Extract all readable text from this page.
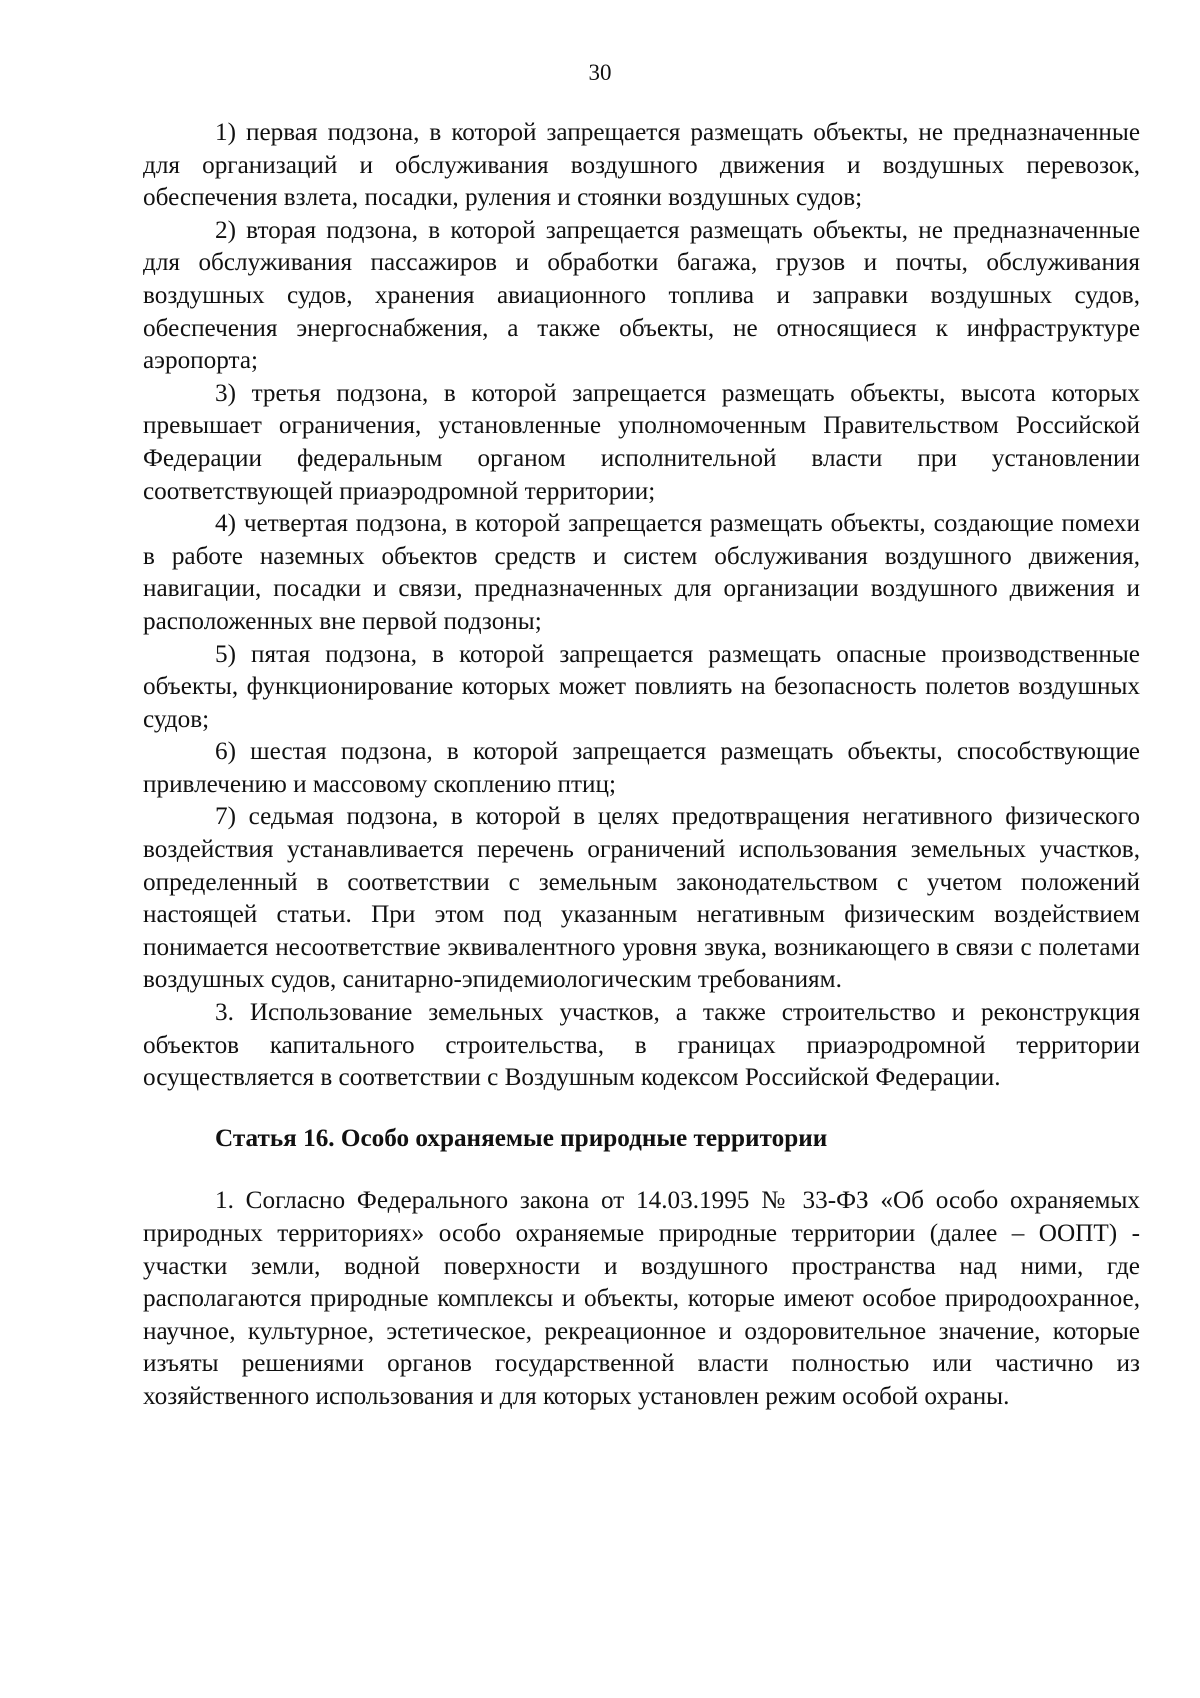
30

1) первая подзона, в которой запрещается размещать объекты, не предназначенные для организаций и обслуживания воздушного движения и воздушных перевозок, обеспечения взлета, посадки, руления и стоянки воздушных судов;

2) вторая подзона, в которой запрещается размещать объекты, не предназначенные для обслуживания пассажиров и обработки багажа, грузов и почты, обслуживания воздушных судов, хранения авиационного топлива и заправки воздушных судов, обеспечения энергоснабжения, а также объекты, не относящиеся к инфраструктуре аэропорта;

3) третья подзона, в которой запрещается размещать объекты, высота которых превышает ограничения, установленные уполномоченным Правительством Российской Федерации федеральным органом исполнительной власти при установлении соответствующей приаэродромной территории;

4) четвертая подзона, в которой запрещается размещать объекты, создающие помехи в работе наземных объектов средств и систем обслуживания воздушного движения, навигации, посадки и связи, предназначенных для организации воздушного движения и расположенных вне первой подзоны;

5) пятая подзона, в которой запрещается размещать опасные производственные объекты, функционирование которых может повлиять на безопасность полетов воздушных судов;

6) шестая подзона, в которой запрещается размещать объекты, способствующие привлечению и массовому скоплению птиц;

7) седьмая подзона, в которой в целях предотвращения негативного физического воздействия устанавливается перечень ограничений использования земельных участков, определенный в соответствии с земельным законодательством с учетом положений настоящей статьи. При этом под указанным негативным физическим воздействием понимается несоответствие эквивалентного уровня звука, возникающего в связи с полетами воздушных судов, санитарно-эпидемиологическим требованиям.

3. Использование земельных участков, а также строительство и реконструкция объектов капитального строительства, в границах приаэродромной территории осуществляется в соответствии с Воздушным кодексом Российской Федерации.

Статья 16. Особо охраняемые природные территории

1. Согласно Федерального закона от 14.03.1995 № 33-ФЗ «Об особо охраняемых природных территориях» особо охраняемые природные территории (далее – ООПТ) - участки земли, водной поверхности и воздушного пространства над ними, где располагаются природные комплексы и объекты, которые имеют особое природоохранное, научное, культурное, эстетическое, рекреационное и оздоровительное значение, которые изъяты решениями органов государственной власти полностью или частично из хозяйственного использования и для которых установлен режим особой охраны.
